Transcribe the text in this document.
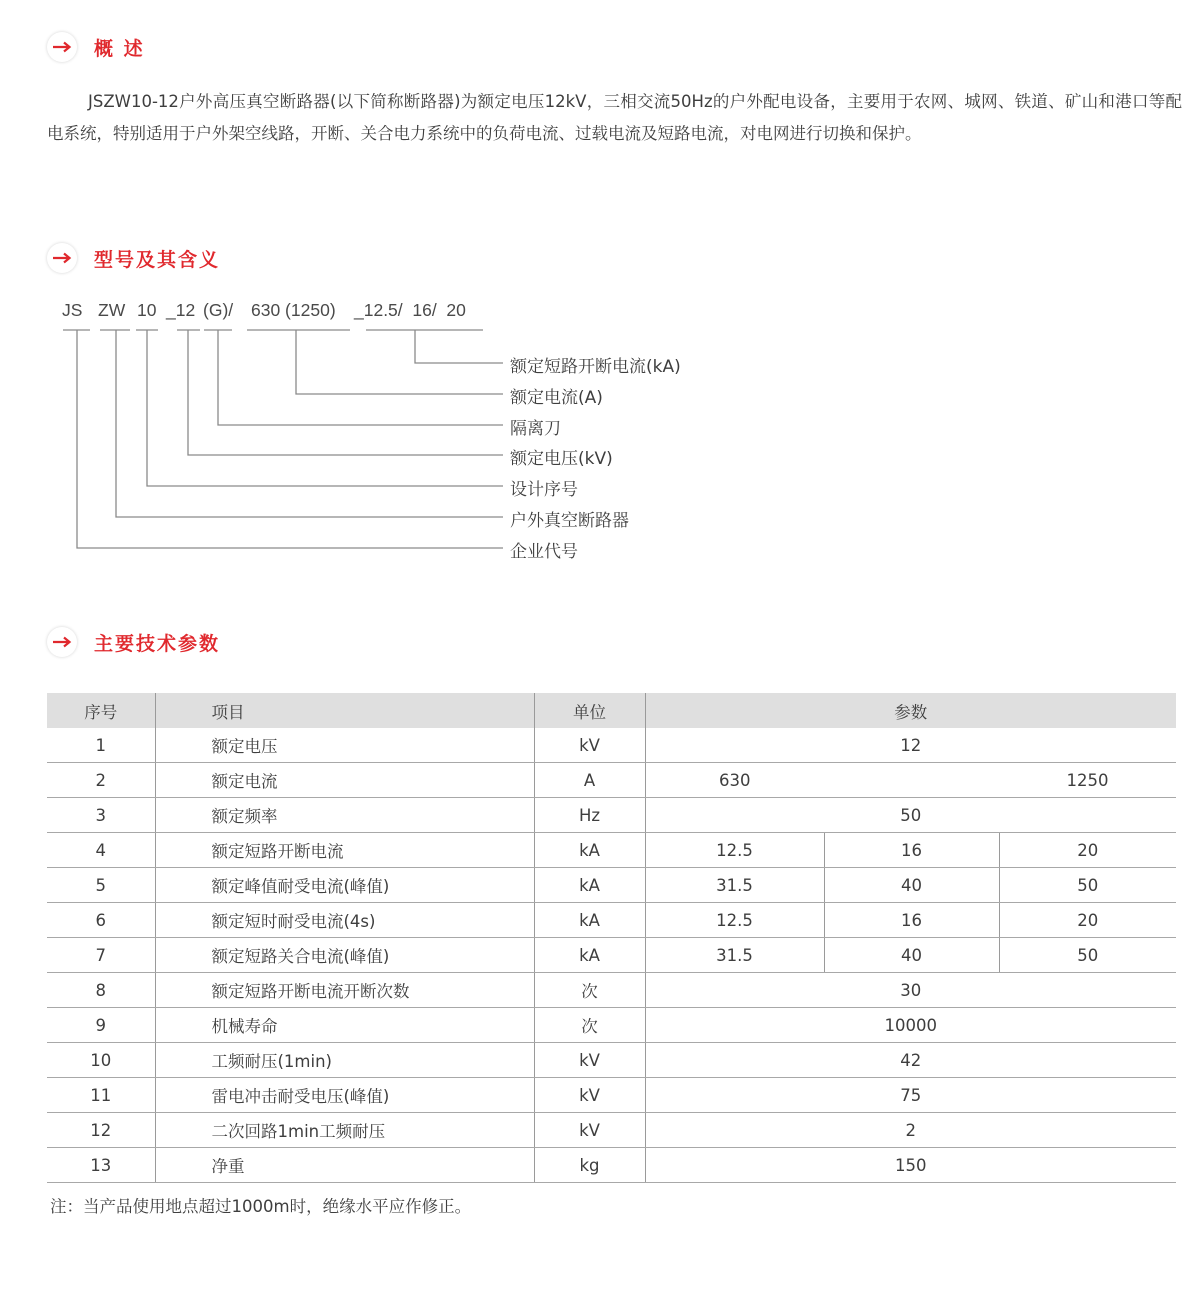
概 述

JSZW10-12户外高压真空断路器(以下简称断路器)为额定电压12kV，三相交流50Hz的户外配电设备，主要用于农网、城网、铁道、矿山和港口等配电系统，特别适用于户外架空线路，开断、关合电力系统中的负荷电流、过载电流及短路电流，对电网进行切换和保护。

型号及其含义
JS ZW 10 _12 (G)/ 630 (1250) _12.5/  16/  20
额定短路开断电流(kA)
额定电流(A)
隔离刀
额定电压(kV)
设计序号
户外真空断路器
企业代号
主要技术参数
序号	项目	单位	参数		
1	额定电压	kV	12		
2	额定电流	A	630		1250
3	额定频率	Hz	50		
4	额定短路开断电流	kA	12.5	16	20
5	额定峰值耐受电流(峰值)	kA	31.5	40	50
6	额定短时耐受电流(4s)	kA	12.5	16	20
7	额定短路关合电流(峰值)	kA	31.5	40	50
8	额定短路开断电流开断次数	次	30		
9	机械寿命	次	10000		
10	工频耐压(1min)	kV	42		
11	雷电冲击耐受电压(峰值)	kV	75		
12	二次回路1min工频耐压	kV	2		
13	净重	kg	150		
注：当产品使用地点超过1000m时，绝缘水平应作修正。
